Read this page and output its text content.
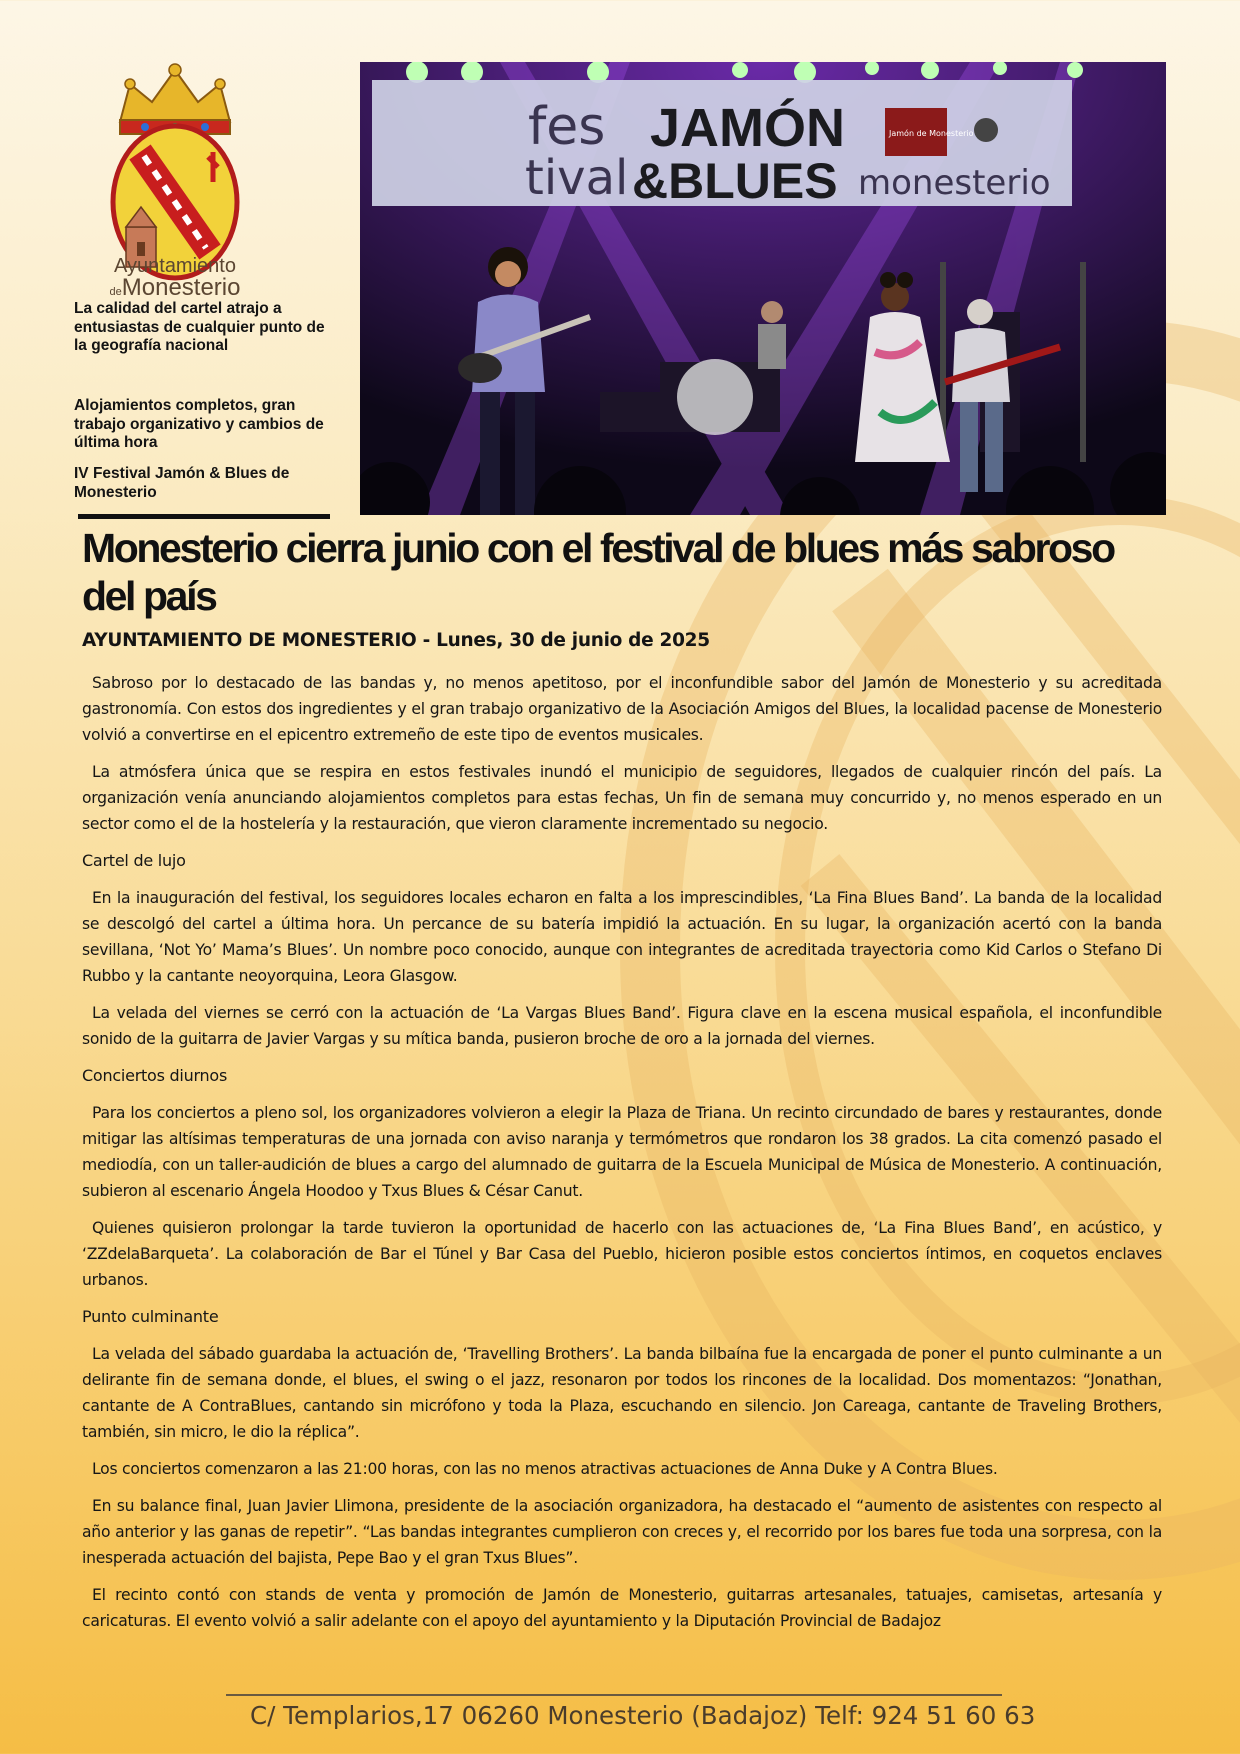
Ayuntamiento
deMonesterio
La calidad del cartel atrajo a entusiastas de cualquier punto de la geografía nacional
Alojamientos completos, gran trabajo organizativo y cambios de última hora
IV Festival Jamón & Blues de Monesterio
fes
tival
JAMÓN
&BLUES monesterio
Jamón de Monesterio
Monesterio cierra junio con el festival de blues más sabroso del país

AYUNTAMIENTO DE MONESTERIO - Lunes, 30 de junio de 2025

Sabroso por lo destacado de las bandas y, no menos apetitoso, por el inconfundible sabor del Jamón de Monesterio y su acreditada gastronomía. Con estos dos ingredientes y el gran trabajo organizativo de la Asociación Amigos del Blues, la localidad pacense de Monesterio volvió a convertirse en el epicentro extremeño de este tipo de eventos musicales.

La atmósfera única que se respira en estos festivales inundó el municipio de seguidores, llegados de cualquier rincón del país. La organización venía anunciando alojamientos completos para estas fechas, Un fin de semana muy concurrido y, no menos esperado en un sector como el de la hostelería y la restauración, que vieron claramente incrementado su negocio.

Cartel de lujo

En la inauguración del festival, los seguidores locales echaron en falta a los imprescindibles, ‘La Fina Blues Band’. La banda de la localidad se descolgó del cartel a última hora. Un percance de su batería impidió la actuación. En su lugar, la organización acertó con la banda sevillana, ‘Not Yo’ Mama’s Blues’. Un nombre poco conocido, aunque con integrantes de acreditada trayectoria como Kid Carlos o Stefano Di Rubbo y la cantante neoyorquina, Leora Glasgow.

La velada del viernes se cerró con la actuación de ‘La Vargas Blues Band’. Figura clave en la escena musical española, el inconfundible sonido de la guitarra de Javier Vargas y su mítica banda, pusieron broche de oro a la jornada del viernes.

Conciertos diurnos

Para los conciertos a pleno sol, los organizadores volvieron a elegir la Plaza de Triana. Un recinto circundado de bares y restaurantes, donde mitigar las altísimas temperaturas de una jornada con aviso naranja y termómetros que rondaron los 38 grados. La cita comenzó pasado el mediodía, con un taller-audición de blues a cargo del alumnado de guitarra de la Escuela Municipal de Música de Monesterio. A continuación, subieron al escenario Ángela Hoodoo y Txus Blues & César Canut.

Quienes quisieron prolongar la tarde tuvieron la oportunidad de hacerlo con las actuaciones de, ‘La Fina Blues Band’, en acústico, y ‘ZZdelaBarqueta’. La colaboración de Bar el Túnel y Bar Casa del Pueblo, hicieron posible estos conciertos íntimos, en coquetos enclaves urbanos.

Punto culminante

La velada del sábado guardaba la actuación de, ‘Travelling Brothers’. La banda bilbaína fue la encargada de poner el punto culminante a un delirante fin de semana donde, el blues, el swing o el jazz, resonaron por todos los rincones de la localidad. Dos momentazos: “Jonathan, cantante de A ContraBlues, cantando sin micrófono y toda la Plaza, escuchando en silencio. Jon Careaga, cantante de Traveling Brothers, también, sin micro, le dio la réplica”.

Los conciertos comenzaron a las 21:00 horas, con las no menos atractivas actuaciones de Anna Duke y A Contra Blues.

En su balance final, Juan Javier Llimona, presidente de la asociación organizadora, ha destacado el “aumento de asistentes con respecto al año anterior y las ganas de repetir”. “Las bandas integrantes cumplieron con creces y, el recorrido por los bares fue toda una sorpresa, con la inesperada actuación del bajista, Pepe Bao y el gran Txus Blues”.

El recinto contó con stands de venta y promoción de Jamón de Monesterio, guitarras artesanales, tatuajes, camisetas, artesanía y caricaturas. El evento volvió a salir adelante con el apoyo del ayuntamiento y la Diputación Provincial de Badajoz

C/ Templarios,17 06260 Monesterio (Badajoz) Telf: 924 51 60 63
